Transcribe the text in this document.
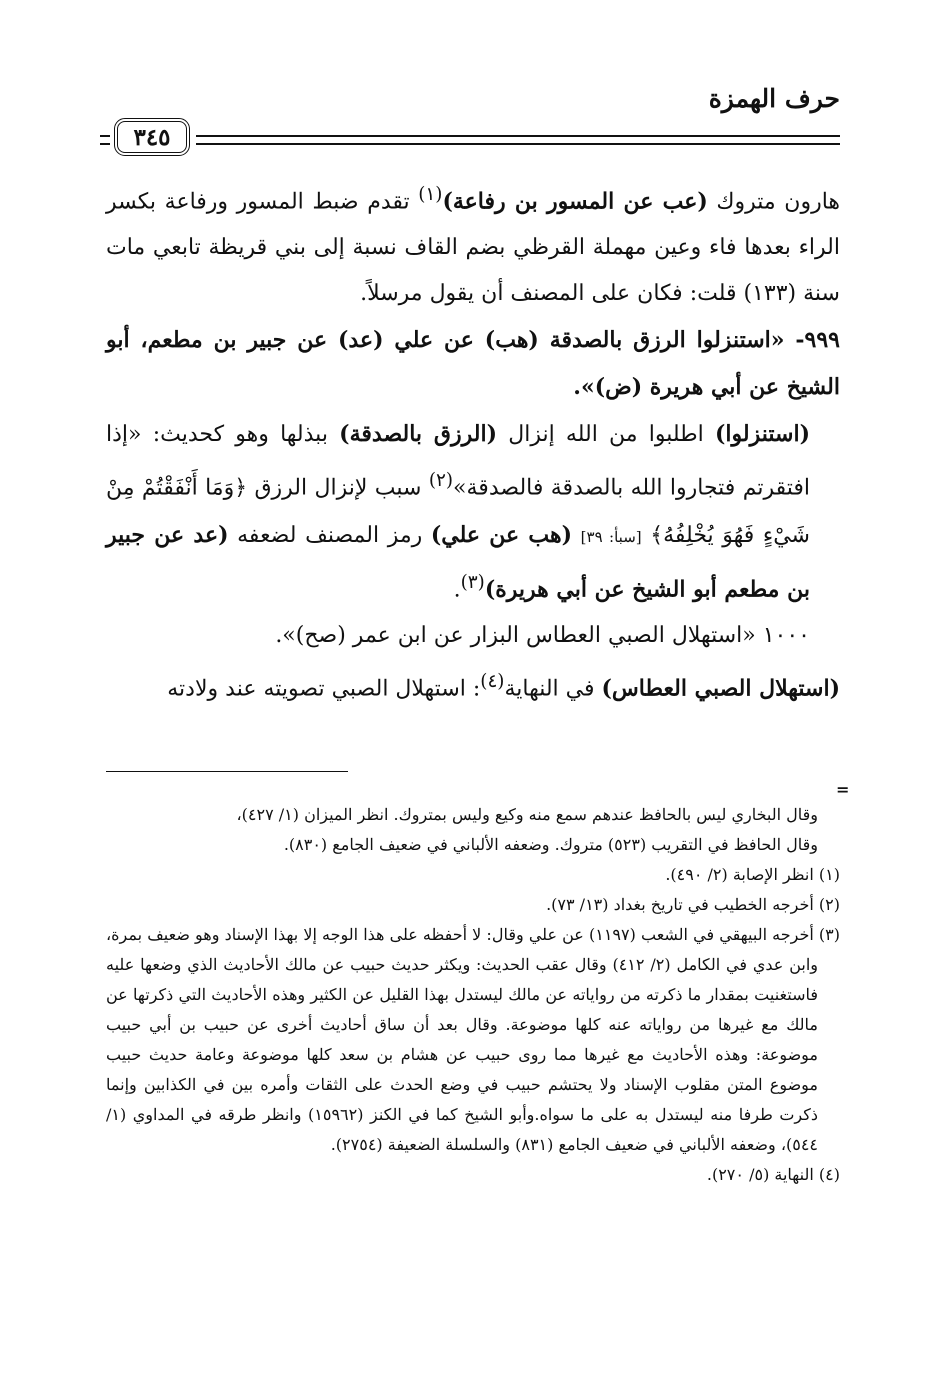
حرف الهمزة
٣٤٥

هارون متروك (عب عن المسور بن رفاعة)$^{(١)}$ تقدم ضبط المسور ورفاعة بكسر الراء بعدها فاء وعين مهملة القرظي بضم القاف نسبة إلى بني قريظة تابعي مات سنة (١٣٣) قلت: فكان على المصنف أن يقول مرسلاً.

٩٩٩- «استنزلوا الرزق بالصدقة (هب) عن علي (عد) عن جبير بن مطعم، أبو الشيخ عن أبي هريرة (ض)».

(استنزلوا) اطلبوا من الله إنزال (الرزق بالصدقة) ببذلها وهو كحديث: «إذا افتقرتم فتجاروا الله بالصدقة فالصدقة»$^{(٢)}$ سبب لإنزال الرزق ﴿وَمَا أَنْفَقْتُمْ مِنْ شَيْءٍ فَهُوَ يُخْلِفُهُ﴾ [سبأ: ٣٩] (هب عن علي) رمز المصنف لضعفه (عد عن جبير بن مطعم أبو الشيخ عن أبي هريرة)$^{(٣)}$.

١٠٠٠ «استهلال الصبي العطاس البزار عن ابن عمر (صح)».

(استهلال الصبي العطاس) في النهاية$^{(٤)}$: استهلال الصبي تصويته عند ولادته

=

وقال البخاري ليس بالحافظ عندهم سمع منه وكيع وليس بمتروك. انظر الميزان (١/ ٤٢٧)،

وقال الحافظ في التقريب (٥٢٣) متروك. وضعفه الألباني في ضعيف الجامع (٨٣٠).

(١) انظر الإصابة (٢/ ٤٩٠).

(٢) أخرجه الخطيب في تاريخ بغداد (١٣/ ٧٣).

(٣) أخرجه البيهقي في الشعب (١١٩٧) عن علي وقال: لا أحفظه على هذا الوجه إلا بهذا الإسناد وهو ضعيف بمرة، وابن عدي في الكامل (٢/ ٤١٢) وقال عقب الحديث: ويكثر حديث حبيب عن مالك الأحاديث الذي وضعها عليه فاستغنيت بمقدار ما ذكرته من رواياته عن مالك ليستدل بهذا القليل عن الكثير وهذه الأحاديث التي ذكرتها عن مالك مع غيرها من رواياته عنه كلها موضوعة. وقال بعد أن ساق أحاديث أخرى عن حبيب بن أبي حبيب موضوعة: وهذه الأحاديث مع غيرها مما روى حبيب عن هشام بن سعد كلها موضوعة وعامة حديث حبيب موضوع المتن مقلوب الإسناد ولا يحتشم حبيب في وضع الحدث على الثقات وأمره بين في الكذابين وإنما ذكرت طرفا منه ليستدل به على ما سواه.وأبو الشيخ كما في الكنز (١٥٩٦٢) وانظر طرقه في المداوي (١/ ٥٤٤)، وضعفه الألباني في ضعيف الجامع (٨٣١) والسلسلة الضعيفة (٢٧٥٤).

(٤) النهاية (٥/ ٢٧٠).
